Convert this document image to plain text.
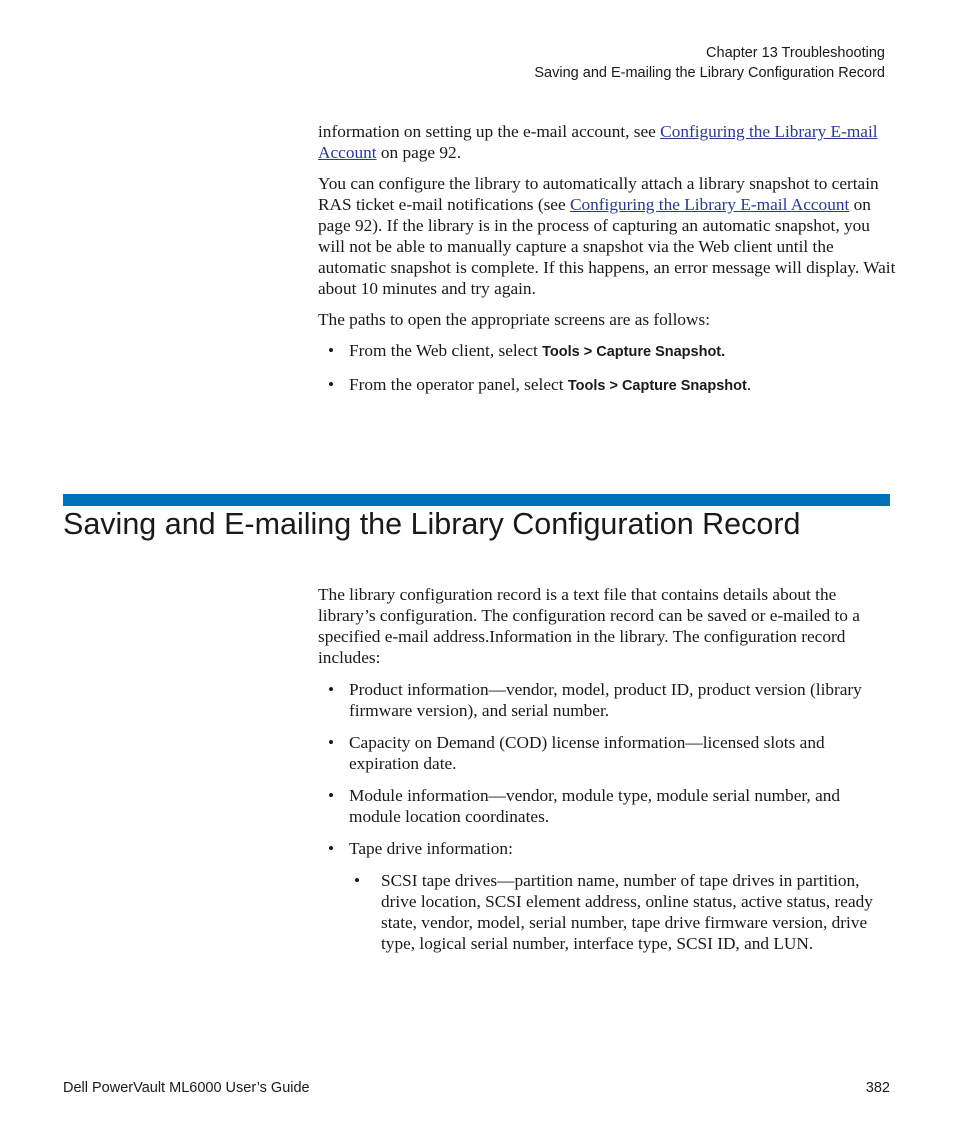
Chapter 13 Troubleshooting
Saving and E-mailing the Library Configuration Record

information on setting up the e-mail account, see Configuring the Library E-mail Account on page 92.

You can configure the library to automatically attach a library snapshot to certain RAS ticket e-mail notifications (see Configuring the Library E-mail Account on page 92). If the library is in the process of capturing an automatic snapshot, you will not be able to manually capture a snapshot via the Web client until the automatic snapshot is complete. If this happens, an error message will display. Wait about 10 minutes and try again.

The paths to open the appropriate screens are as follows:

• From the Web client, select Tools > Capture Snapshot.
• From the operator panel, select Tools > Capture Snapshot.
Saving and E-mailing the Library Configuration Record

The library configuration record is a text file that contains details about the library’s configuration. The configuration record can be saved or e-mailed to a specified e-mail address.Information in the library. The configuration record includes:

• Product information—vendor, model, product ID, product version (library firmware version), and serial number.
• Capacity on Demand (COD) license information—licensed slots and expiration date.
• Module information—vendor, module type, module serial number, and module location coordinates.
• Tape drive information:
• SCSI tape drives—partition name, number of tape drives in partition, drive location, SCSI element address, online status, active status, ready state, vendor, model, serial number, tape drive firmware version, drive type, logical serial number, interface type, SCSI ID, and LUN.
Dell PowerVault ML6000 User’s Guide	382
